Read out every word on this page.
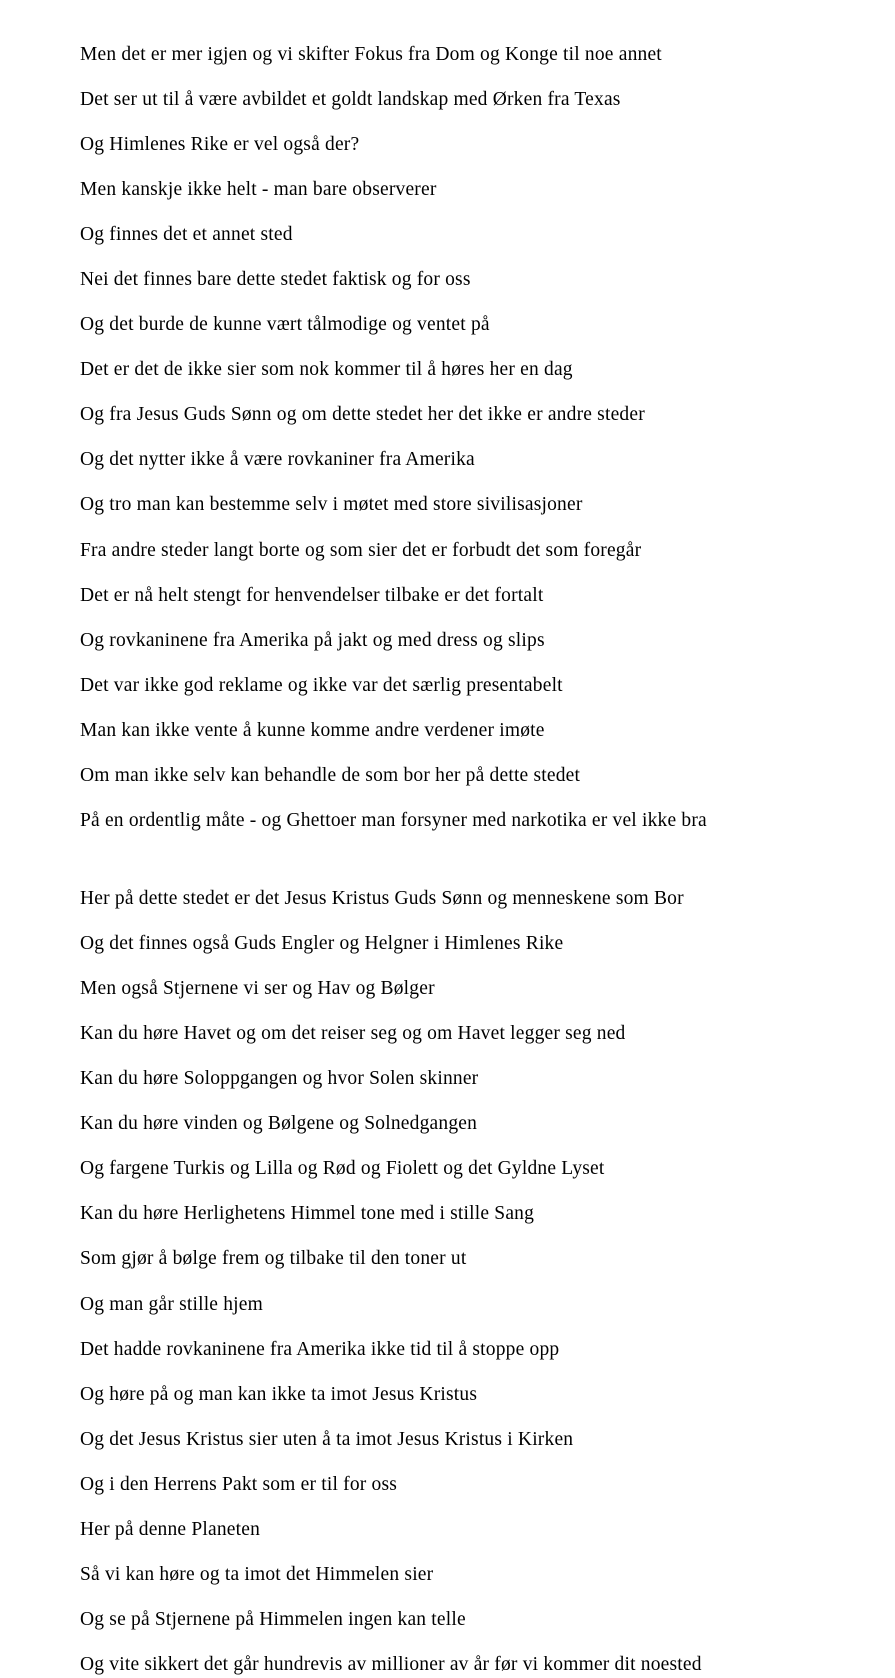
Men det er mer igjen og vi skifter Fokus fra Dom og Konge til noe annet

Det ser ut til å være avbildet et goldt landskap med Ørken fra Texas

Og Himlenes Rike er vel også der?

Men kanskje ikke helt - man bare observerer

Og finnes det et annet sted

Nei det finnes bare dette stedet faktisk og for oss

Og det burde de kunne vært tålmodige og ventet på

Det er det de ikke sier som nok kommer til å høres her en dag

Og fra Jesus Guds Sønn og om dette stedet her det ikke er andre steder

Og det nytter ikke å være rovkaniner fra Amerika

Og tro man kan bestemme selv i møtet med store sivilisasjoner

Fra andre steder langt borte og som sier det er forbudt det som foregår

Det er nå helt stengt for henvendelser tilbake er det fortalt

Og rovkaninene fra Amerika på jakt og med dress og slips

Det var ikke god reklame og ikke var det særlig presentabelt

Man kan ikke vente å kunne komme andre verdener imøte

Om man ikke selv kan behandle de som bor her på dette stedet

På en ordentlig måte - og Ghettoer man forsyner med narkotika er vel ikke bra

Her på dette stedet er det Jesus Kristus Guds Sønn og menneskene som Bor

Og det finnes også Guds Engler og Helgner i Himlenes Rike

Men også Stjernene vi ser og Hav og Bølger

Kan du høre Havet og om det reiser seg og om Havet legger seg ned

Kan du høre Soloppgangen og hvor Solen skinner

Kan du høre vinden og Bølgene og Solnedgangen

Og fargene Turkis og Lilla og Rød og Fiolett og det Gyldne Lyset

Kan du høre Herlighetens Himmel tone med i stille Sang

Som gjør å bølge frem og tilbake til den toner ut

Og man går stille hjem

Det hadde rovkaninene fra Amerika ikke tid til å stoppe opp

Og høre på og man kan ikke ta imot Jesus Kristus

Og det Jesus Kristus sier uten å ta imot Jesus Kristus i Kirken

Og i den Herrens Pakt som er til for oss

Her på denne Planeten

Så vi kan høre og ta imot det Himmelen sier

Og se på Stjernene på Himmelen ingen kan telle

Og vite sikkert det går hundrevis av millioner av år før vi kommer dit noested
